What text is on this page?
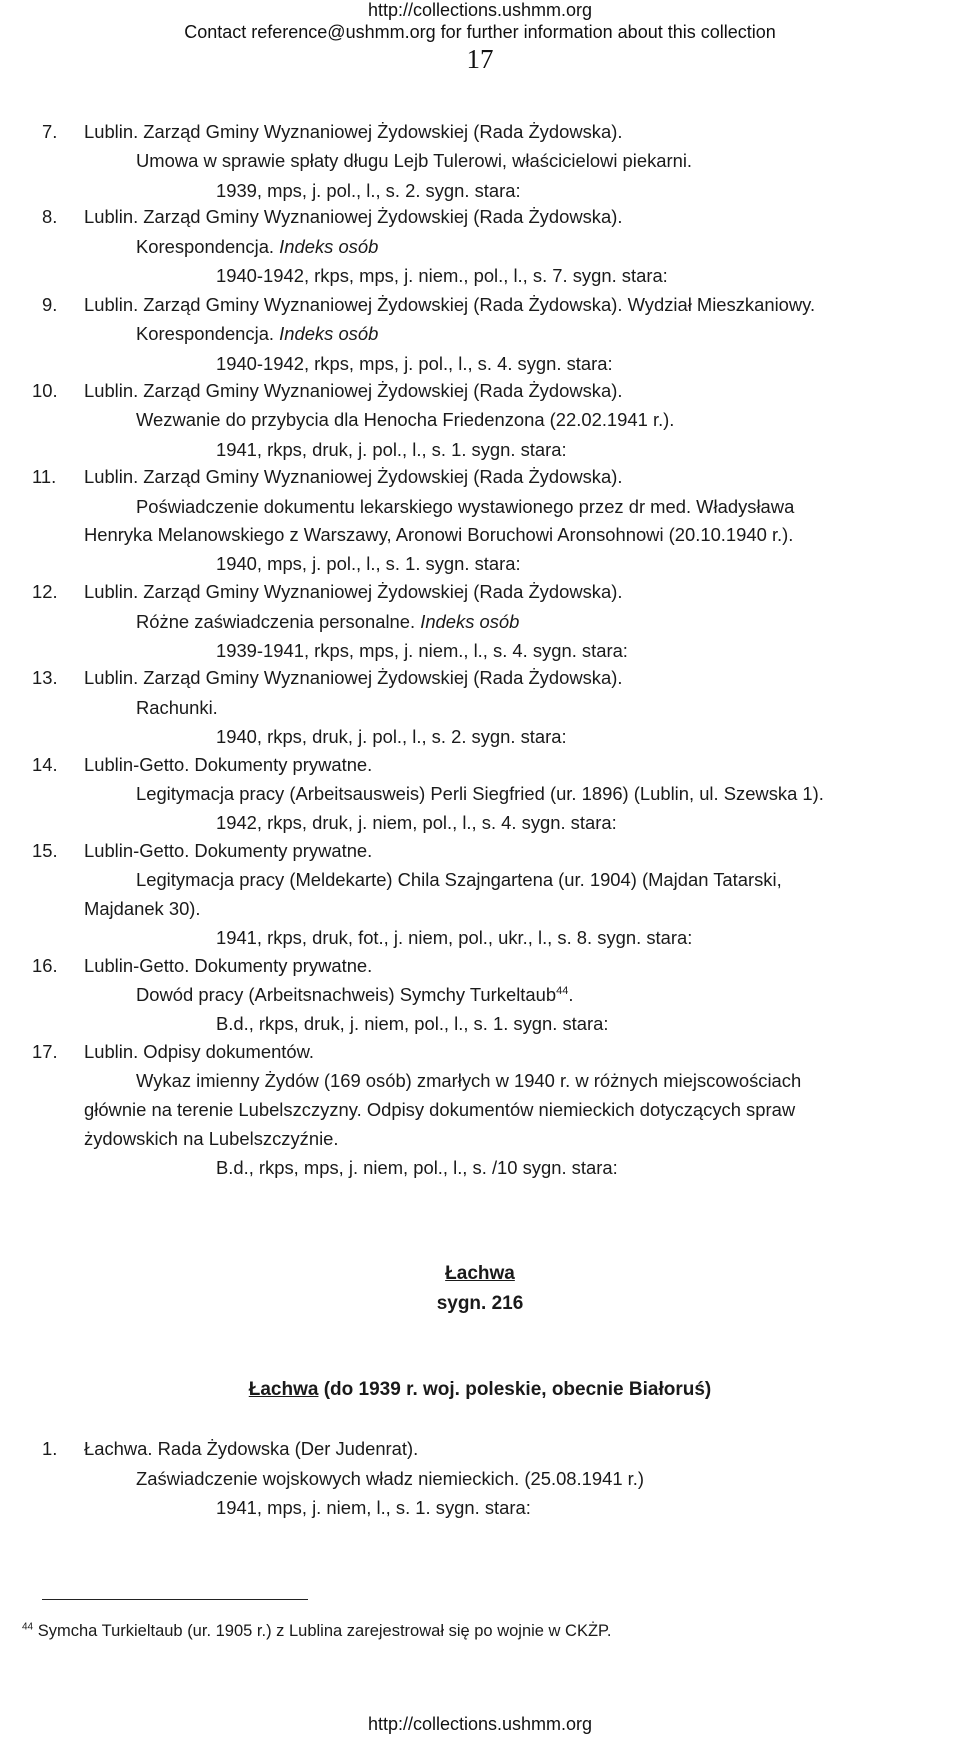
http://collections.ushmm.org
Contact reference@ushmm.org for further information about this collection
17
7. Lublin. Zarząd Gminy Wyznaniowej Żydowskiej (Rada Żydowska).
Umowa w sprawie spłaty długu Lejb Tulerowi, właścicielowi piekarni.
1939, mps, j. pol., l., s. 2. sygn. stara:
8. Lublin. Zarząd Gminy Wyznaniowej Żydowskiej (Rada Żydowska).
Korespondencja. Indeks osób
1940-1942, rkps, mps, j. niem., pol., l., s. 7. sygn. stara:
9. Lublin. Zarząd Gminy Wyznaniowej Żydowskiej (Rada Żydowska). Wydział Mieszkaniowy.
Korespondencja. Indeks osób
1940-1942, rkps, mps, j. pol., l., s. 4. sygn. stara:
10. Lublin. Zarząd Gminy Wyznaniowej Żydowskiej (Rada Żydowska).
Wezwanie do przybycia dla Henocha Friedenzona (22.02.1941 r.).
1941, rkps, druk, j. pol., l., s. 1. sygn. stara:
11. Lublin. Zarząd Gminy Wyznaniowej Żydowskiej (Rada Żydowska).
Poświadczenie dokumentu lekarskiego wystawionego przez dr med. Władysława
Henryka Melanowskiego z Warszawy, Aronowi Boruchowi Aronsohnowi (20.10.1940 r.).
1940, mps, j. pol., l., s. 1. sygn. stara:
12. Lublin. Zarząd Gminy Wyznaniowej Żydowskiej (Rada Żydowska).
Różne zaświadczenia personalne. Indeks osób
1939-1941, rkps, mps, j. niem., l., s. 4. sygn. stara:
13. Lublin. Zarząd Gminy Wyznaniowej Żydowskiej (Rada Żydowska).
Rachunki.
1940, rkps, druk, j. pol., l., s. 2. sygn. stara:
14. Lublin-Getto. Dokumenty prywatne.
Legitymacja pracy (Arbeitsausweis) Perli Siegfried (ur. 1896) (Lublin, ul. Szewska 1).
1942, rkps, druk, j. niem, pol., l., s. 4. sygn. stara:
15. Lublin-Getto. Dokumenty prywatne.
Legitymacja pracy (Meldekarte) Chila Szajngartena (ur. 1904) (Majdan Tatarski,
Majdanek 30).
1941, rkps, druk, fot., j. niem, pol., ukr., l., s. 8. sygn. stara:
16. Lublin-Getto. Dokumenty prywatne.
Dowód pracy (Arbeitsnachweis) Symchy Turkeltaub$^{44}$.
B.d., rkps, druk, j. niem, pol., l., s. 1. sygn. stara:
17. Lublin. Odpisy dokumentów.
Wykaz imienny Żydów (169 osób) zmarłych w 1940 r. w różnych miejscowościach
głównie na terenie Lubelszczyzny. Odpisy dokumentów niemieckich dotyczących spraw
żydowskich na Lubelszczyźnie.
B.d., rkps, mps, j. niem, pol., l., s. /10 sygn. stara:
Łachwa
sygn. 216
Łachwa (do 1939 r. woj. poleskie, obecnie Białoruś)
1. Łachwa. Rada Żydowska (Der Judenrat).
Zaświadczenie wojskowych władz niemieckich. (25.08.1941 r.)
1941, mps, j. niem, l., s. 1. sygn. stara:
$^{44}$ Symcha Turkieltaub (ur. 1905 r.) z Lublina zarejestrował się po wojnie w CKŻP.
http://collections.ushmm.org
